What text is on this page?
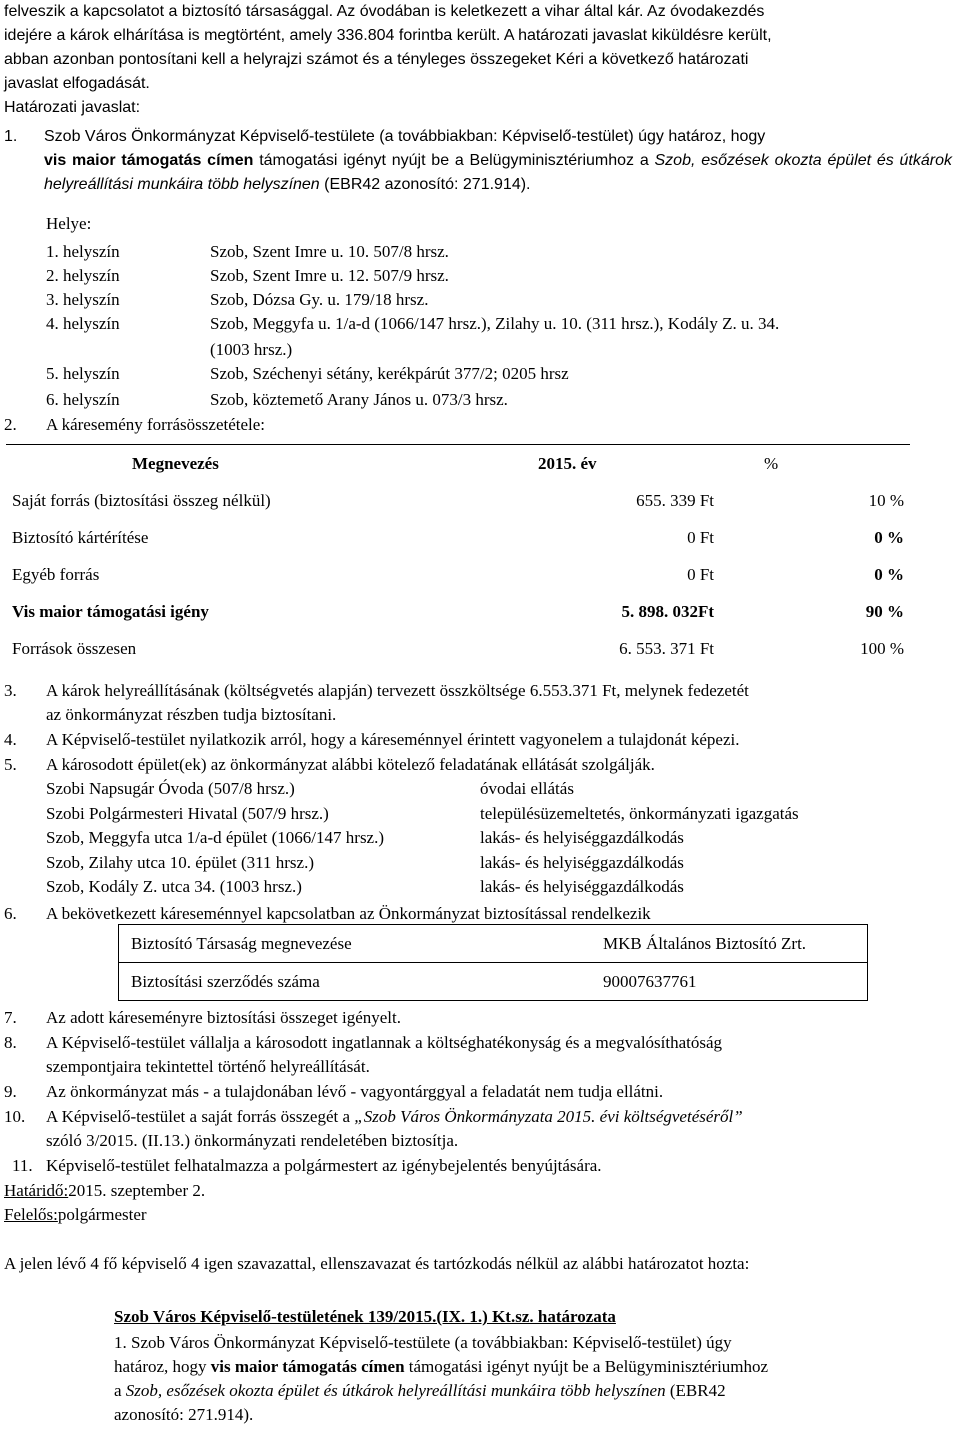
felveszik a kapcsolatot a biztosító társasággal. Az óvodában is keletkezett a vihar által kár. Az óvodakezdés
idejére a károk elhárítása is megtörtént, amely 336.804 forintba került. A határozati javaslat kiküldésre került,
abban azonban pontosítani kell a helyrajzi számot és a tényleges összegeket Kéri a következő határozati
javaslat elfogadását.
Határozati javaslat:
1. Szob Város Önkormányzat Képviselő-testülete (a továbbiakban: Képviselő-testület) úgy határoz, hogy
vis maior támogatás címen támogatási igényt nyújt be a Belügyminisztériumhoz a Szob, esőzések okozta épület és útkárok helyreállítási munkáira több helyszínen (EBR42 azonosító: 271.914).
Helye:
1. helyszín	Szob, Szent Imre u. 10. 507/8 hrsz.
2. helyszín	Szob, Szent Imre u. 12. 507/9 hrsz.
3. helyszín	Szob, Dózsa Gy. u. 179/18 hrsz.
4. helyszín	Szob, Meggyfa u. 1/a-d (1066/147 hrsz.), Zilahy u. 10. (311 hrsz.), Kodály Z. u. 34.
(1003 hrsz.)
5. helyszín	Szob, Széchenyi sétány, kerékpárút 377/2; 0205 hrsz
6. helyszín	Szob, köztemető Arany János u. 073/3 hrsz.
2. A káresemény forrásösszetétele:
Megnevezés	2015. év	%
Saját forrás (biztosítási összeg nélkül)	655. 339 Ft	10 %
Biztosító kártérítése	0 Ft	0 %
Egyéb forrás	0 Ft	0 %
Vis maior támogatási igény	5. 898. 032Ft	90 %
Források összesen	6. 553. 371 Ft	100 %
3. A károk helyreállításának (költségvetés alapján) tervezett összköltsége 6.553.371 Ft, melynek fedezetét
az önkormányzat részben tudja biztosítani.
4. A Képviselő-testület nyilatkozik arról, hogy a káreseménnyel érintett vagyonelem a tulajdonát képezi.
5. A károsodott épület(ek) az önkormányzat alábbi kötelező feladatának ellátását szolgálják.
Szobi Napsugár Óvoda (507/8 hrsz.)	óvodai ellátás
Szobi Polgármesteri Hivatal (507/9 hrsz.)	településüzemeltetés, önkormányzati igazgatás
Szob, Meggyfa utca 1/a-d épület (1066/147 hrsz.)	lakás- és helyiséggazdálkodás
Szob, Zilahy utca 10. épület (311 hrsz.)	lakás- és helyiséggazdálkodás
Szob, Kodály Z. utca 34. (1003 hrsz.)	lakás- és helyiséggazdálkodás
6. A bekövetkezett káreseménnyel kapcsolatban az Önkormányzat biztosítással rendelkezik
Biztosító Társaság megnevezése	MKB Általános Biztosító Zrt.
Biztosítási szerződés száma	90007637761
7. Az adott káreseményre biztosítási összeget igényelt.
8. A Képviselő-testület vállalja a károsodott ingatlannak a költséghatékonyság és a megvalósíthatóság
szempontjaira tekintettel történő helyreállítását.
9. Az önkormányzat más - a tulajdonában lévő - vagyontárggyal a feladatát nem tudja ellátni.
10. A Képviselő-testület a saját forrás összegét a „Szob Város Önkormányzata 2015. évi költségvetéséről”
szóló 3/2015. (II.13.) önkormányzati rendeletében biztosítja.
11. Képviselő-testület felhatalmazza a polgármestert az igénybejelentés benyújtására.
Határidő:2015. szeptember 2.
Felelős:polgármester
A jelen lévő 4 fő képviselő 4 igen szavazattal, ellenszavazat és tartózkodás nélkül az alábbi határozatot hozta:
Szob Város Képviselő-testületének 139/2015.(IX. 1.) Kt.sz. határozata
1. Szob Város Önkormányzat Képviselő-testülete (a továbbiakban: Képviselő-testület) úgy
határoz, hogy vis maior támogatás címen támogatási igényt nyújt be a Belügyminisztériumhoz
a Szob, esőzések okozta épület és útkárok helyreállítási munkáira több helyszínen (EBR42
azonosító: 271.914).
